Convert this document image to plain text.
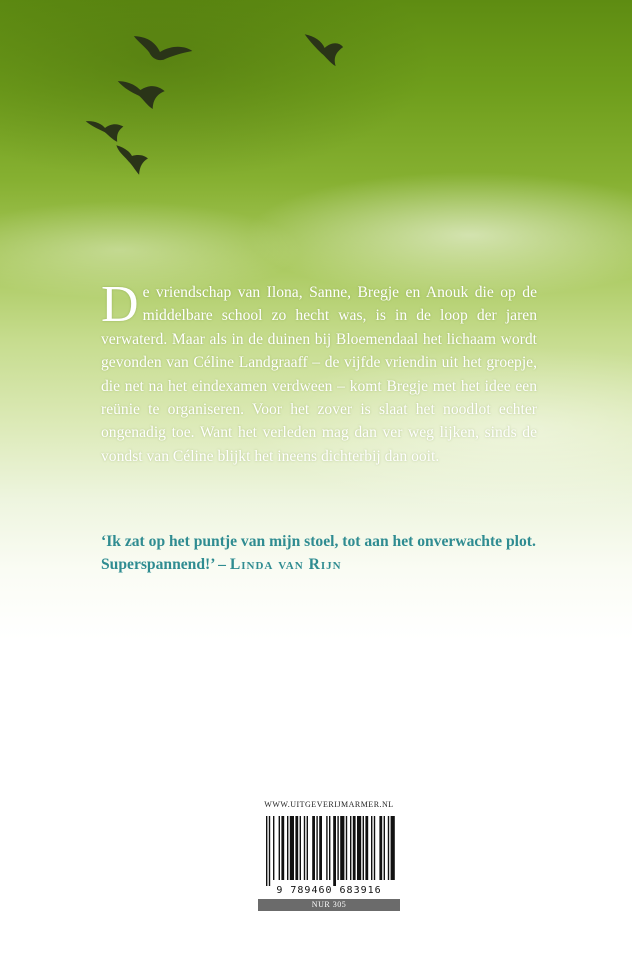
De vriendschap van Ilona, Sanne, Bregje en Anouk die op de middelbare school zo hecht was, is in de loop der jaren verwaterd. Maar als in de duinen bij Bloemendaal het lichaam wordt gevonden van Céline Landgraaff – de vijfde vriendin uit het groepje, die net na het eindexamen verdween – komt Bregje met het idee een reünie te organiseren. Voor het zover is slaat het noodlot echter ongenadig toe. Want het verleden mag dan ver weg lijken, sinds de vondst van Céline blijkt het ineens dichterbij dan ooit.
‘Ik zat op het puntje van mijn stoel, tot aan het onverwachte plot. Superspannend!’ – Linda van Rijn
WWW.UITGEVERIJMARMER.NL
9 789460 683916
NUR 305
